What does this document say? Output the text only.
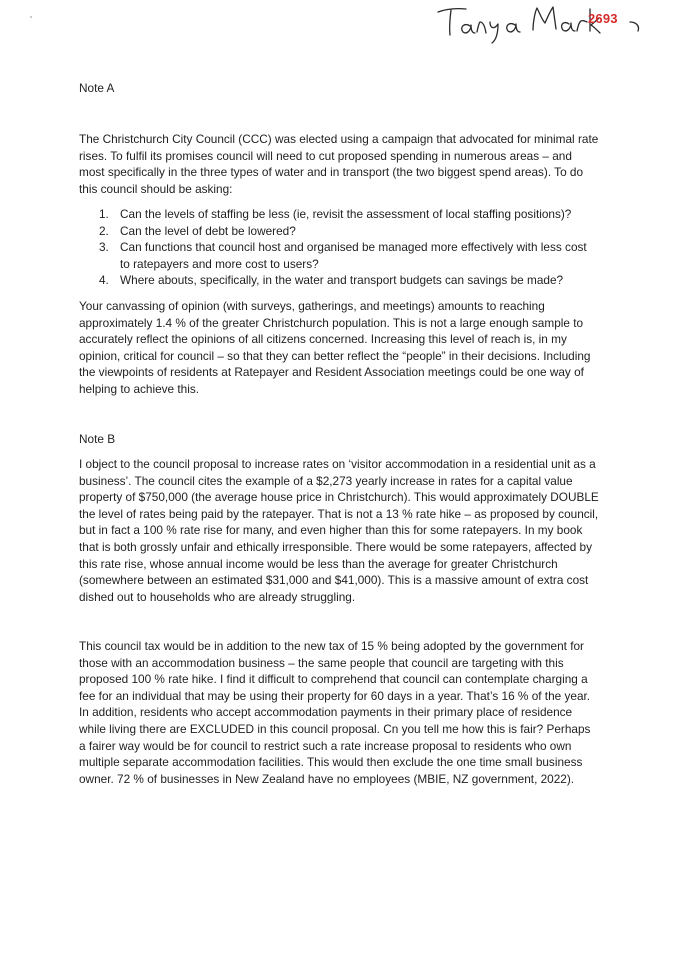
2693
Note A

The Christchurch City Council (CCC) was elected using a campaign that advocated for minimal rate rises. To fulfil its promises council will need to cut proposed spending in numerous areas – and most specifically in the three types of water and in transport (the two biggest spend areas). To do this council should be asking:

1. Can the levels of staffing be less (ie, revisit the assessment of local staffing positions)?
2. Can the level of debt be lowered?
3. Can functions that council host and organised be managed more effectively with less cost to ratepayers and more cost to users?
4. Where abouts, specifically, in the water and transport budgets can savings be made?

Your canvassing of opinion (with surveys, gatherings, and meetings) amounts to reaching approximately 1.4 % of the greater Christchurch population. This is not a large enough sample to accurately reflect the opinions of all citizens concerned. Increasing this level of reach is, in my opinion, critical for council – so that they can better reflect the “people” in their decisions. Including the viewpoints of residents at Ratepayer and Resident Association meetings could be one way of helping to achieve this.

Note B

I object to the council proposal to increase rates on ‘visitor accommodation in a residential unit as a business’. The council cites the example of a $2,273 yearly increase in rates for a capital value property of $750,000 (the average house price in Christchurch). This would approximately DOUBLE the level of rates being paid by the ratepayer. That is not a 13 % rate hike – as proposed by council, but in fact a 100 % rate rise for many, and even higher than this for some ratepayers. In my book that is both grossly unfair and ethically irresponsible. There would be some ratepayers, affected by this rate rise, whose annual income would be less than the average for greater Christchurch (somewhere between an estimated $31,000 and $41,000). This is a massive amount of extra cost dished out to households who are already struggling.

This council tax would be in addition to the new tax of 15 % being adopted by the government for those with an accommodation business – the same people that council are targeting with this proposed 100 % rate hike. I find it difficult to comprehend that council can contemplate charging a fee for an individual that may be using their property for 60 days in a year. That’s 16 % of the year. In addition, residents who accept accommodation payments in their primary place of residence while living there are EXCLUDED in this council proposal. Cn you tell me how this is fair? Perhaps a fairer way would be for council to restrict such a rate increase proposal to residents who own multiple separate accommodation facilities. This would then exclude the one time small business owner. 72 % of businesses in New Zealand have no employees (MBIE, NZ government, 2022).
